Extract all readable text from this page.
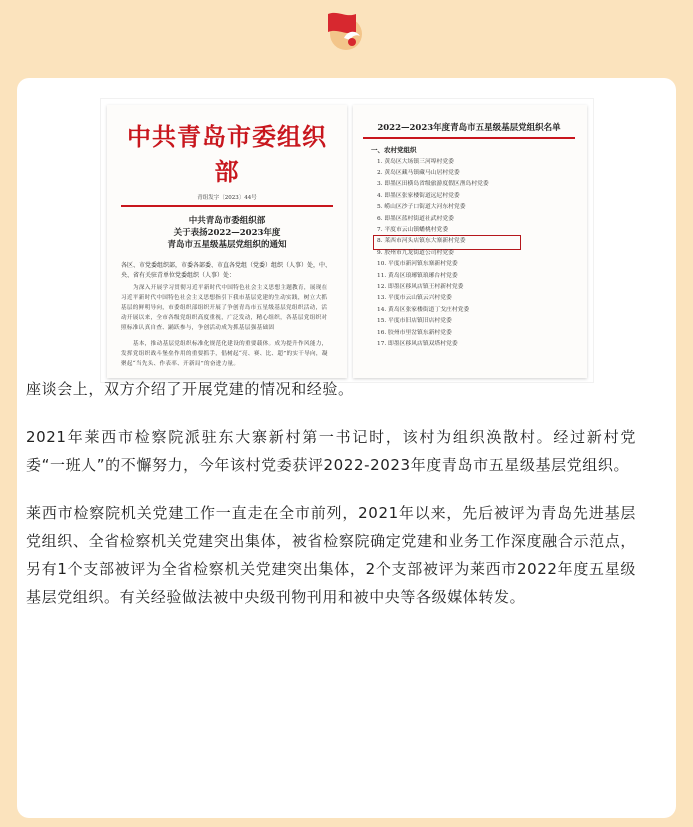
中共青岛市委组织部
青组发字〔2023〕44号
中共青岛市委组织部
关于表扬2022—2023年度
青岛市五星级基层党组织的通知
各区、市党委组织部，市委各部委、市直各党组（党委）组织（人事）处，中、央、省有关驻青单位党委组织（人事）处：
为深入开展学习贯彻习近平新时代中国特色社会主义思想主题教育，展现在习近平新时代中国特色社会主义思想指引下我市基层党建的生动实践，树立大抓基层的鲜明导向，市委组织部组织开展了争创青岛市五星级基层党组织活动，活动开展以来，全市各级党组织高度重视，广泛发动，精心组织，各基层党组织对照标准认真自查、踊跃参与，争创活动成为抓基层强基础固
基本，推动基层党组织标准化规范化建设的重要载体。成为提升作风能力，发挥党组织战斗堡垒作用的重要抓手，倡树起“亮、赛、比、超”的实干导向，凝聚起“当先头、作表率、开新局”的奋进力量。
2022—2023年度青岛市五星级基层党组织名单
一、农村党组织
1. 黄岛区大场镇三河埠村党委
2. 黄岛区藏马镇藏马山居村党委
3. 即墨区田横岛省级旅游度假区渔岛村党委
4. 即墨区张家楼街道远尼村党委
5. 崂山区沙子口街道大河东村党委
6. 即墨区蓝村街道社武村党委
7. 平度市云山镇蟠桃村党委
8. 莱西市河头店镇东大寨新村党委
9. 胶州市九龙街道公司村党委
10. 平度市新河镇东寨新村党委
11. 黄岛区琅琊镇琅琊台村党委
12. 即墨区移风店镇王村新村党委
13. 平度市云山镇云兴村党委
14. 黄岛区张家楼街道丁戈庄村党委
15. 平度市旧店镇旧店村党委
16. 胶州市里岔镇东新村党委
17. 即墨区移风店镇双塔村党委

座谈会上，双方介绍了开展党建的情况和经验。

2021年莱西市检察院派驻东大寨新村第一书记时，该村为组织涣散村。经过新村党委“一班人”的不懈努力，今年该村党委获评2022-2023年度青岛市五星级基层党组织。

莱西市检察院机关党建工作一直走在全市前列，2021年以来，先后被评为青岛先进基层党组织、全省检察机关党建突出集体，被省检察院确定党建和业务工作深度融合示范点，另有1个支部被评为全省检察机关党建突出集体，2个支部被评为莱西市2022年度五星级基层党组织。有关经验做法被中央级刊物刊用和被中央等各级媒体转发。
